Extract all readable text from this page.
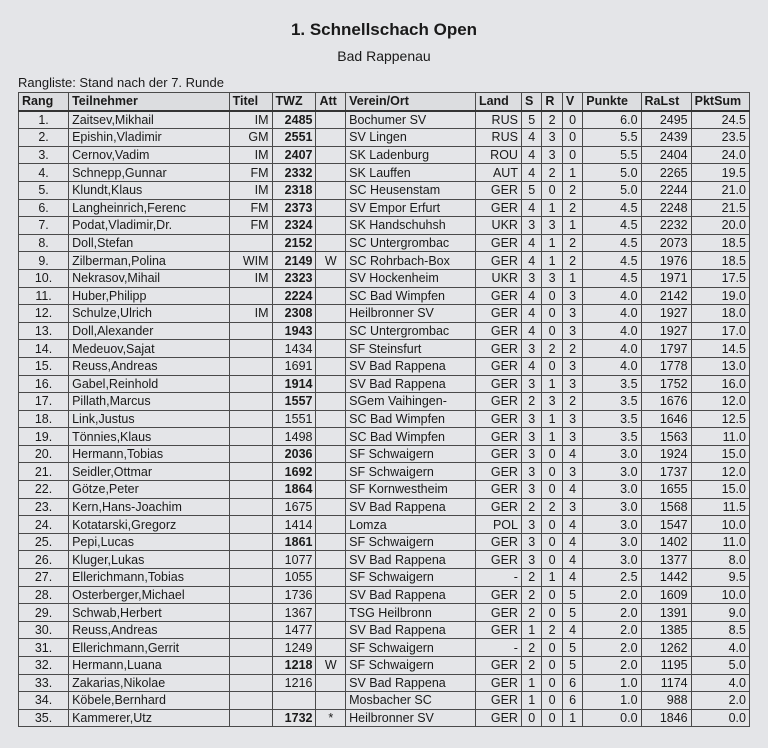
1. Schnellschach Open
Bad Rappenau
Rangliste: Stand nach der 7. Runde
Rang	Teilnehmer	Titel	TWZ	Att	Verein/Ort	Land	S	R	V	Punkte	RaLst	PktSum
1.	Zaitsev,Mikhail	IM	2485		Bochumer SV	RUS	5	2	0	6.0	2495	24.5
2.	Epishin,Vladimir	GM	2551		SV Lingen	RUS	4	3	0	5.5	2439	23.5
3.	Cernov,Vadim	IM	2407		SK Ladenburg	ROU	4	3	0	5.5	2404	24.0
4.	Schnepp,Gunnar	FM	2332		SK Lauffen	AUT	4	2	1	5.0	2265	19.5
5.	Klundt,Klaus	IM	2318		SC Heusenstam	GER	5	0	2	5.0	2244	21.0
6.	Langheinrich,Ferenc	FM	2373		SV Empor Erfurt	GER	4	1	2	4.5	2248	21.5
7.	Podat,Vladimir,Dr.	FM	2324		SK Handschuhsh	UKR	3	3	1	4.5	2232	20.0
8.	Doll,Stefan		2152		SC Untergrombac	GER	4	1	2	4.5	2073	18.5
9.	Zilberman,Polina	WIM	2149	W	SC Rohrbach-Box	GER	4	1	2	4.5	1976	18.5
10.	Nekrasov,Mihail	IM	2323		SV Hockenheim	UKR	3	3	1	4.5	1971	17.5
11.	Huber,Philipp		2224		SC Bad Wimpfen	GER	4	0	3	4.0	2142	19.0
12.	Schulze,Ulrich	IM	2308		Heilbronner SV	GER	4	0	3	4.0	1927	18.0
13.	Doll,Alexander		1943		SC Untergrombac	GER	4	0	3	4.0	1927	17.0
14.	Medeuov,Sajat		1434		SF Steinsfurt	GER	3	2	2	4.0	1797	14.5
15.	Reuss,Andreas		1691		SV Bad Rappena	GER	4	0	3	4.0	1778	13.0
16.	Gabel,Reinhold		1914		SV Bad Rappena	GER	3	1	3	3.5	1752	16.0
17.	Pillath,Marcus		1557		SGem Vaihingen-	GER	2	3	2	3.5	1676	12.0
18.	Link,Justus		1551		SC Bad Wimpfen	GER	3	1	3	3.5	1646	12.5
19.	Tönnies,Klaus		1498		SC Bad Wimpfen	GER	3	1	3	3.5	1563	11.0
20.	Hermann,Tobias		2036		SF Schwaigern	GER	3	0	4	3.0	1924	15.0
21.	Seidler,Ottmar		1692		SF Schwaigern	GER	3	0	3	3.0	1737	12.0
22.	Götze,Peter		1864		SF Kornwestheim	GER	3	0	4	3.0	1655	15.0
23.	Kern,Hans-Joachim		1675		SV Bad Rappena	GER	2	2	3	3.0	1568	11.5
24.	Kotatarski,Gregorz		1414		Lomza	POL	3	0	4	3.0	1547	10.0
25.	Pepi,Lucas		1861		SF Schwaigern	GER	3	0	4	3.0	1402	11.0
26.	Kluger,Lukas		1077		SV Bad Rappena	GER	3	0	4	3.0	1377	8.0
27.	Ellerichmann,Tobias		1055		SF Schwaigern	-	2	1	4	2.5	1442	9.5
28.	Osterberger,Michael		1736		SV Bad Rappena	GER	2	0	5	2.0	1609	10.0
29.	Schwab,Herbert		1367		TSG Heilbronn	GER	2	0	5	2.0	1391	9.0
30.	Reuss,Andreas		1477		SV Bad Rappena	GER	1	2	4	2.0	1385	8.5
31.	Ellerichmann,Gerrit		1249		SF Schwaigern	-	2	0	5	2.0	1262	4.0
32.	Hermann,Luana		1218	W	SF Schwaigern	GER	2	0	5	2.0	1195	5.0
33.	Zakarias,Nikolae		1216		SV Bad Rappena	GER	1	0	6	1.0	1174	4.0
34.	Köbele,Bernhard				Mosbacher SC	GER	1	0	6	1.0	988	2.0
35.	Kammerer,Utz		1732	*	Heilbronner SV	GER	0	0	1	0.0	1846	0.0
